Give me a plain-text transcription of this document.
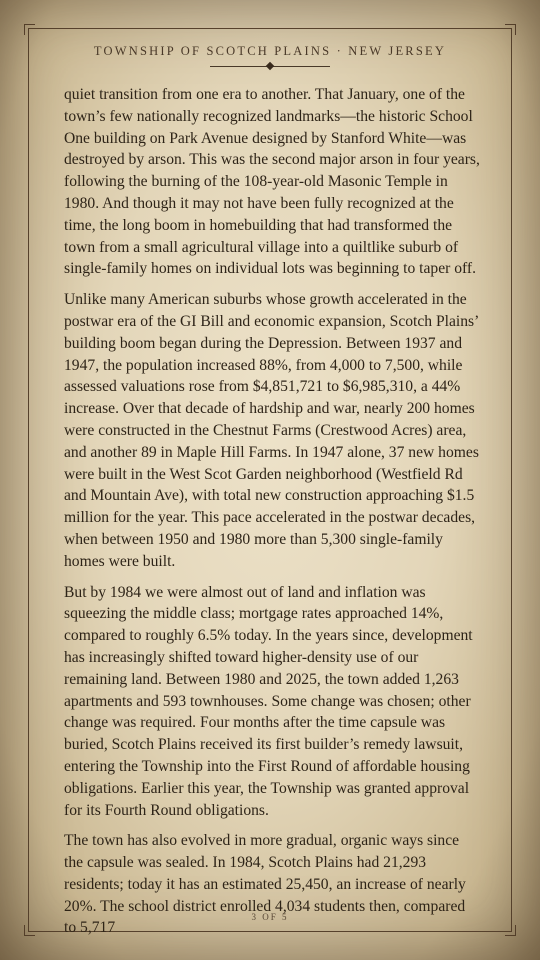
TOWNSHIP OF SCOTCH PLAINS · NEW JERSEY

quiet transition from one era to another. That January, one of the town’s few nationally recognized landmarks—the historic School One building on Park Avenue designed by Stanford White—was destroyed by arson. This was the second major arson in four years, following the burning of the 108-year-old Masonic Temple in 1980. And though it may not have been fully recognized at the time, the long boom in homebuilding that had transformed the town from a small agricultural village into a quiltlike suburb of single-family homes on individual lots was beginning to taper off.

Unlike many American suburbs whose growth accelerated in the postwar era of the GI Bill and economic expansion, Scotch Plains’ building boom began during the Depression. Between 1937 and 1947, the population increased 88%, from 4,000 to 7,500, while assessed valuations rose from $4,851,721 to $6,985,310, a 44% increase. Over that decade of hardship and war, nearly 200 homes were constructed in the Chestnut Farms (Crestwood Acres) area, and another 89 in Maple Hill Farms. In 1947 alone, 37 new homes were built in the West Scot Garden neighborhood (Westfield Rd and Mountain Ave), with total new construction approaching $1.5 million for the year. This pace accelerated in the postwar decades, when between 1950 and 1980 more than 5,300 single-family homes were built.

But by 1984 we were almost out of land and inflation was squeezing the middle class; mortgage rates approached 14%, compared to roughly 6.5% today. In the years since, development has increasingly shifted toward higher-density use of our remaining land. Between 1980 and 2025, the town added 1,263 apartments and 593 townhouses. Some change was chosen; other change was required. Four months after the time capsule was buried, Scotch Plains received its first builder’s remedy lawsuit, entering the Township into the First Round of affordable housing obligations. Earlier this year, the Township was granted approval for its Fourth Round obligations.

The town has also evolved in more gradual, organic ways since the capsule was sealed. In 1984, Scotch Plains had 21,293 residents; today it has an estimated 25,450, an increase of nearly 20%. The school district enrolled 4,034 students then, compared to 5,717

3 OF 5
